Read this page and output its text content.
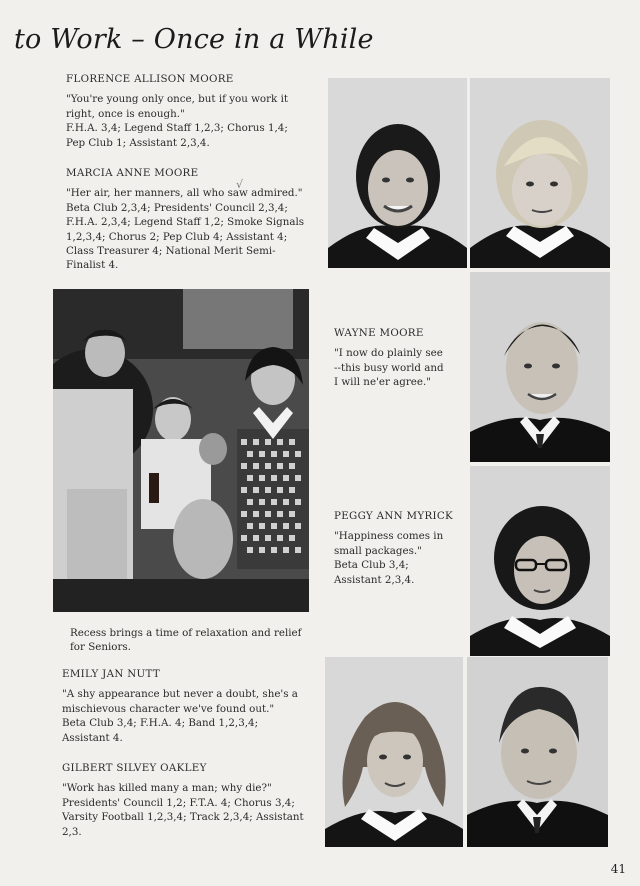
to Work – Once in a While
FLORENCE ALLISON MOORE

"You're young only once, but if you work it right, once is enough."

F.H.A. 3,4; Legend Staff 1,2,3; Chorus 1,4; Pep Club 1; Assistant 2,3,4.

MARCIA ANNE MOORE

"Her air, her manners, all who saw admired."

Beta Club 2,3,4; Presidents' Council 2,3,4; F.H.A. 2,3,4; Legend Staff 1,2; Smoke Signals 1,2,3,4; Chorus 2; Pep Club 4; Assistant 4; Class Treasurer 4; National Merit Semi-Finalist 4.

√
WAYNE MOORE

"I now do plainly see --this busy world and I will ne'er agree."

PEGGY ANN MYRICK

"Happiness comes in small packages."

Beta Club 3,4; Assistant 2,3,4.

EMILY JAN NUTT

"A shy appearance but never a doubt, she's a mischievous character we've found out."

Beta Club 3,4; F.H.A. 4; Band 1,2,3,4; Assistant 4.

GILBERT SILVEY OAKLEY

"Work has killed many a man; why die?"

Presidents' Council 1,2; F.T.A. 4; Chorus 3,4; Varsity Football 1,2,3,4; Track 2,3,4; Assistant 2,3.

Recess brings a time of relaxation and relief for Seniors.
41
